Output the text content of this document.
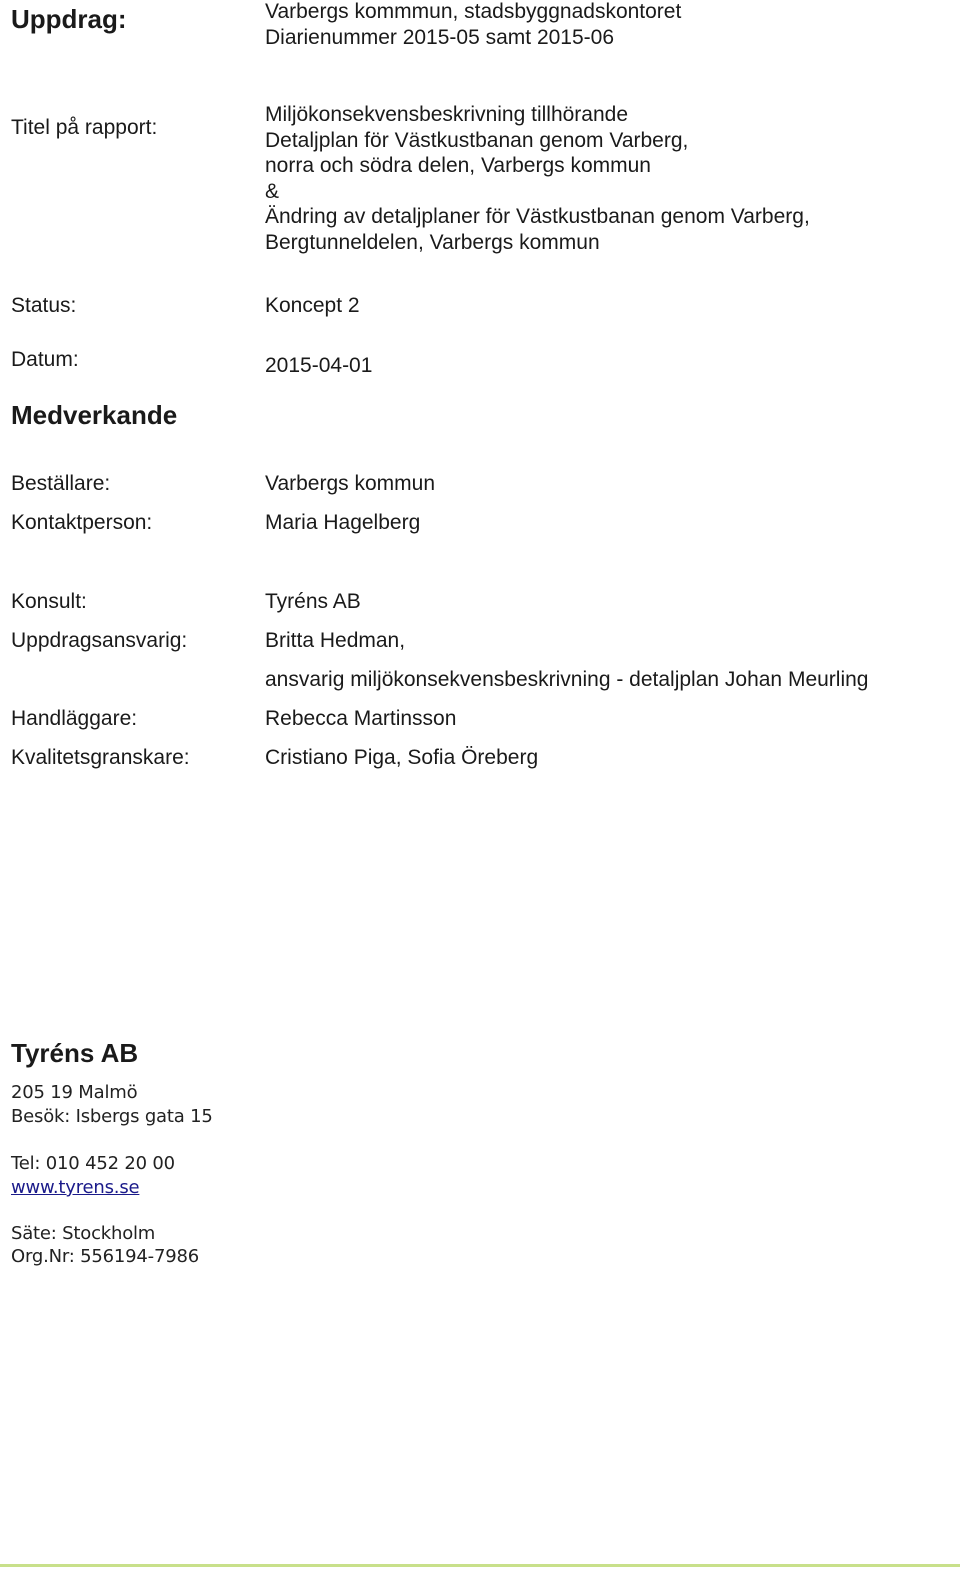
Uppdrag:	Varbergs kommmun, stadsbyggnadskontoret
Diarienummer 2015-05 samt 2015-06
Titel på rapport:
Miljökonsekvensbeskrivning tillhörande
Detaljplan för Västkustbanan genom Varberg,
norra och södra delen, Varbergs kommun
&
Ändring av detaljplaner för Västkustbanan genom Varberg,
Bergtunneldelen, Varbergs kommun
Status:	Koncept 2
Datum:	2015-04-01
Medverkande
Beställare:	Varbergs kommun
Kontaktperson:	Maria Hagelberg
Konsult:	Tyréns AB
Uppdragsansvarig:	Britta Hedman,
ansvarig miljökonsekvensbeskrivning - detaljplan Johan Meurling
Handläggare:	Rebecca Martinsson
Kvalitetsgranskare:	Cristiano Piga, Sofia Öreberg
Tyréns AB
205 19 Malmö
Besök: Isbergs gata 15
Tel: 010 452 20 00
www.tyrens.se
Säte: Stockholm
Org.Nr: 556194-7986
